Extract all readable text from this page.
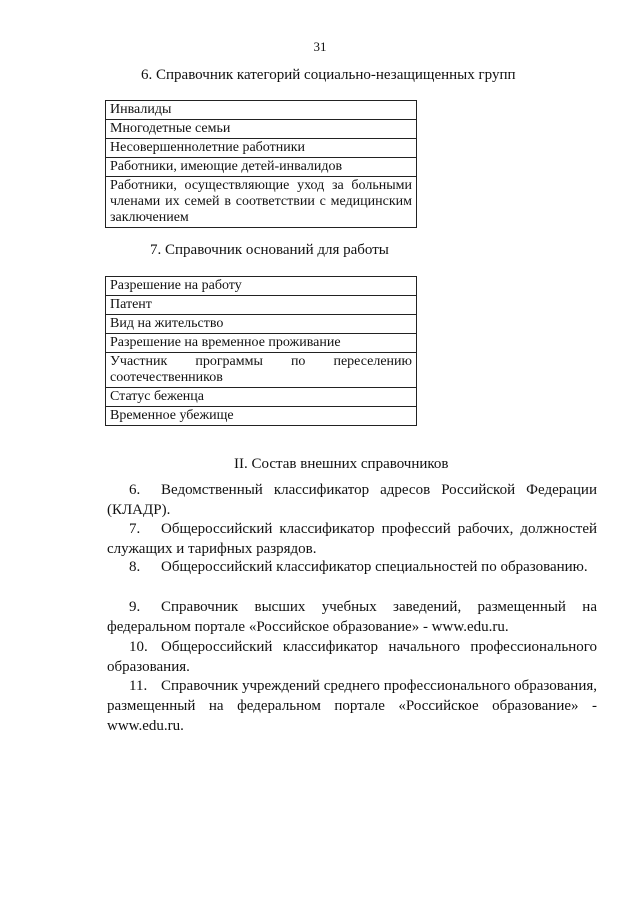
31
6. Справочник категорий социально-незащищенных групп
Инвалиды
Многодетные семьи
Несовершеннолетние работники
Работники, имеющие детей-инвалидов
Работники, осуществляющие уход за больными членами их семей в соответствии с медицинским заключением
7. Справочник оснований для работы
Разрешение на работу
Патент
Вид на жительство
Разрешение на временное проживание
Участник программы по переселению соотечественников
Статус беженца
Временное убежище
II. Состав внешних справочников
6. Ведомственный классификатор адресов Российской Федерации (КЛАДР).
7. Общероссийский классификатор профессий рабочих, должностей служащих и тарифных разрядов.
8. Общероссийский классификатор специальностей по образованию.
9. Справочник высших учебных заведений, размещенный на федеральном портале «Российское образование» - www.edu.ru.
10. Общероссийский классификатор начального профессионального образования.
11. Справочник учреждений среднего профессионального образования, размещенный на федеральном портале «Российское образование» - www.edu.ru.
